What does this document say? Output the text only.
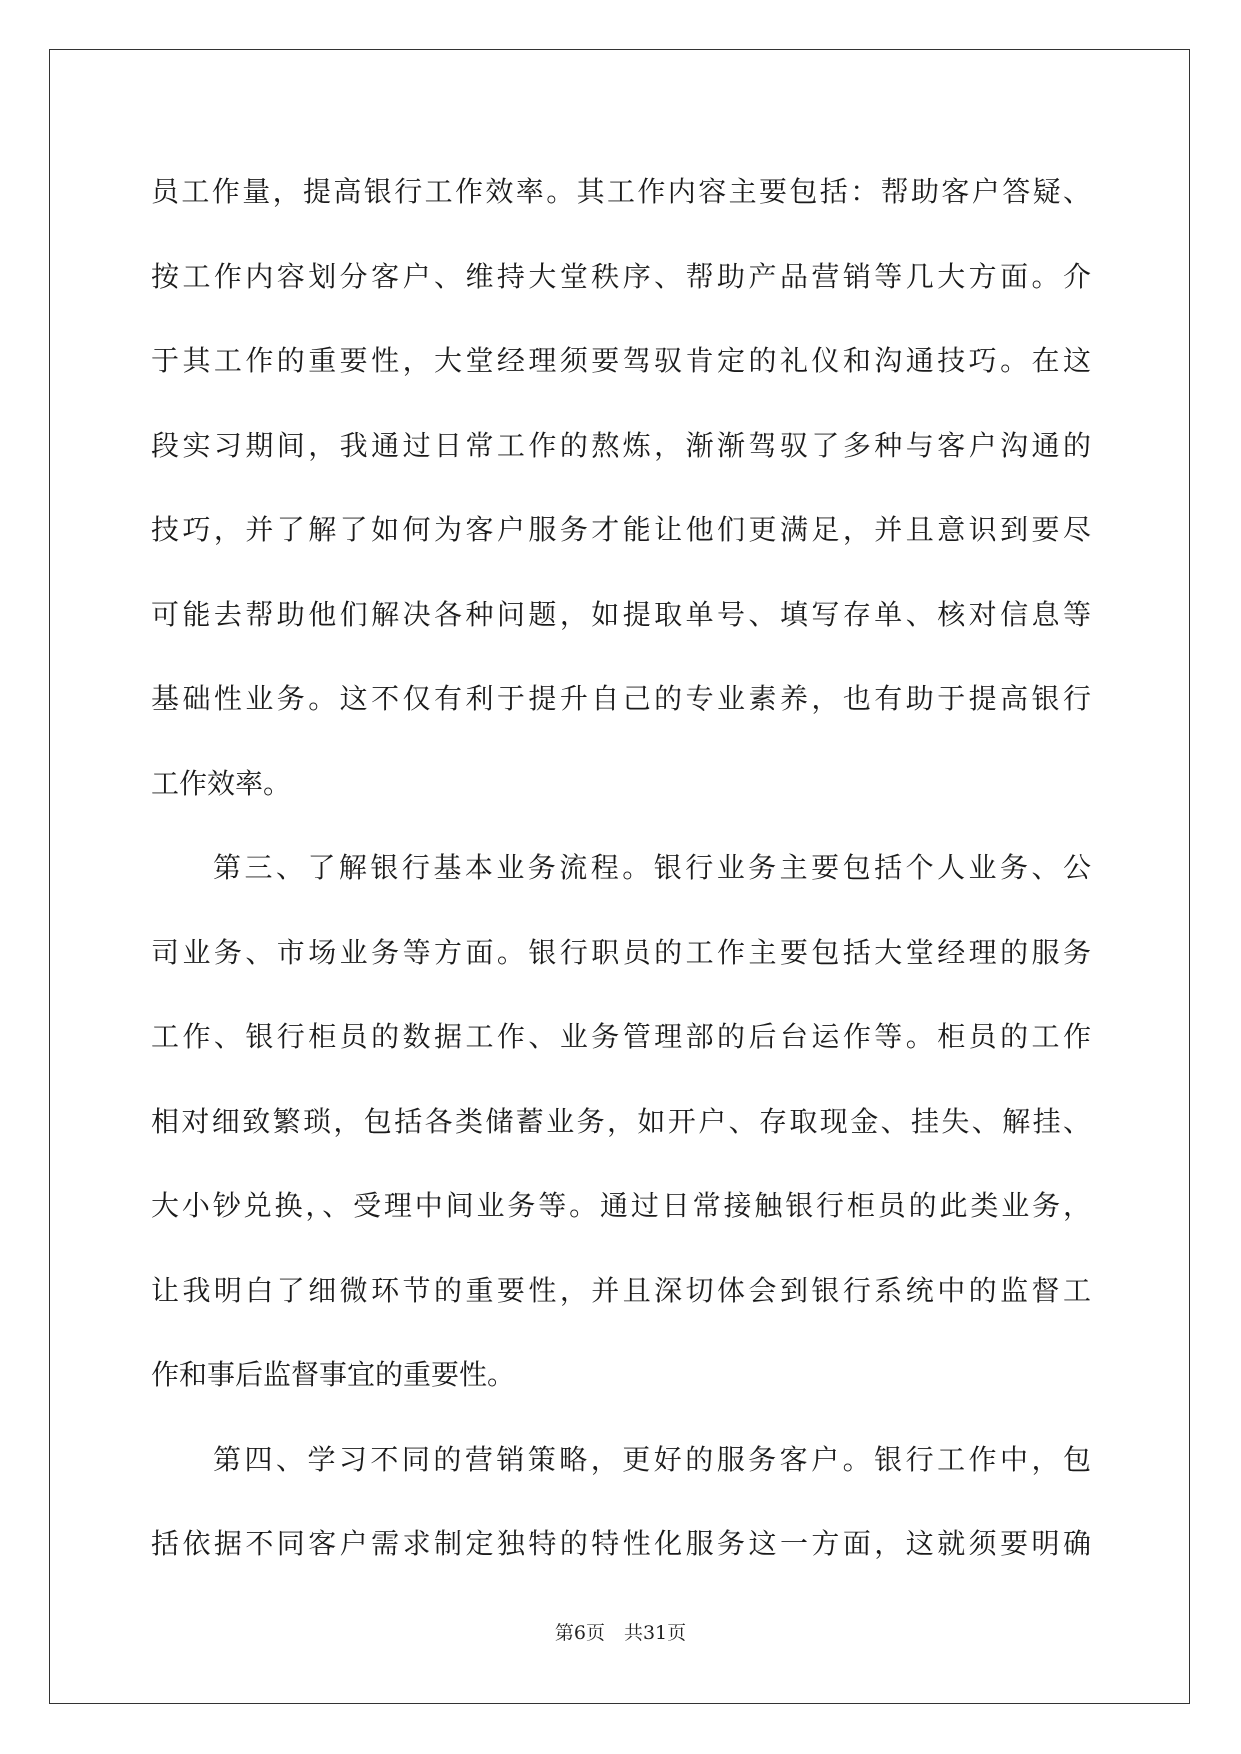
员工作量，提高银行工作效率。其工作内容主要包括：帮助客户答疑、
按工作内容划分客户、维持大堂秩序、帮助产品营销等几大方面。介
于其工作的重要性，大堂经理须要驾驭肯定的礼仪和沟通技巧。在这
段实习期间，我通过日常工作的熬炼，渐渐驾驭了多种与客户沟通的
技巧，并了解了如何为客户服务才能让他们更满足，并且意识到要尽
可能去帮助他们解决各种问题，如提取单号、填写存单、核对信息等
基础性业务。这不仅有利于提升自己的专业素养，也有助于提高银行
工作效率。
第三、了解银行基本业务流程。银行业务主要包括个人业务、公
司业务、市场业务等方面。银行职员的工作主要包括大堂经理的服务
工作、银行柜员的数据工作、业务管理部的后台运作等。柜员的工作
相对细致繁琐，包括各类储蓄业务，如开户、存取现金、挂失、解挂、
大小钞兑换，、受理中间业务等。通过日常接触银行柜员的此类业务，
让我明白了细微环节的重要性，并且深切体会到银行系统中的监督工
作和事后监督事宜的重要性。
第四、学习不同的营销策略，更好的服务客户。银行工作中，包
括依据不同客户需求制定独特的特性化服务这一方面，这就须要明确
第6页　共31页
